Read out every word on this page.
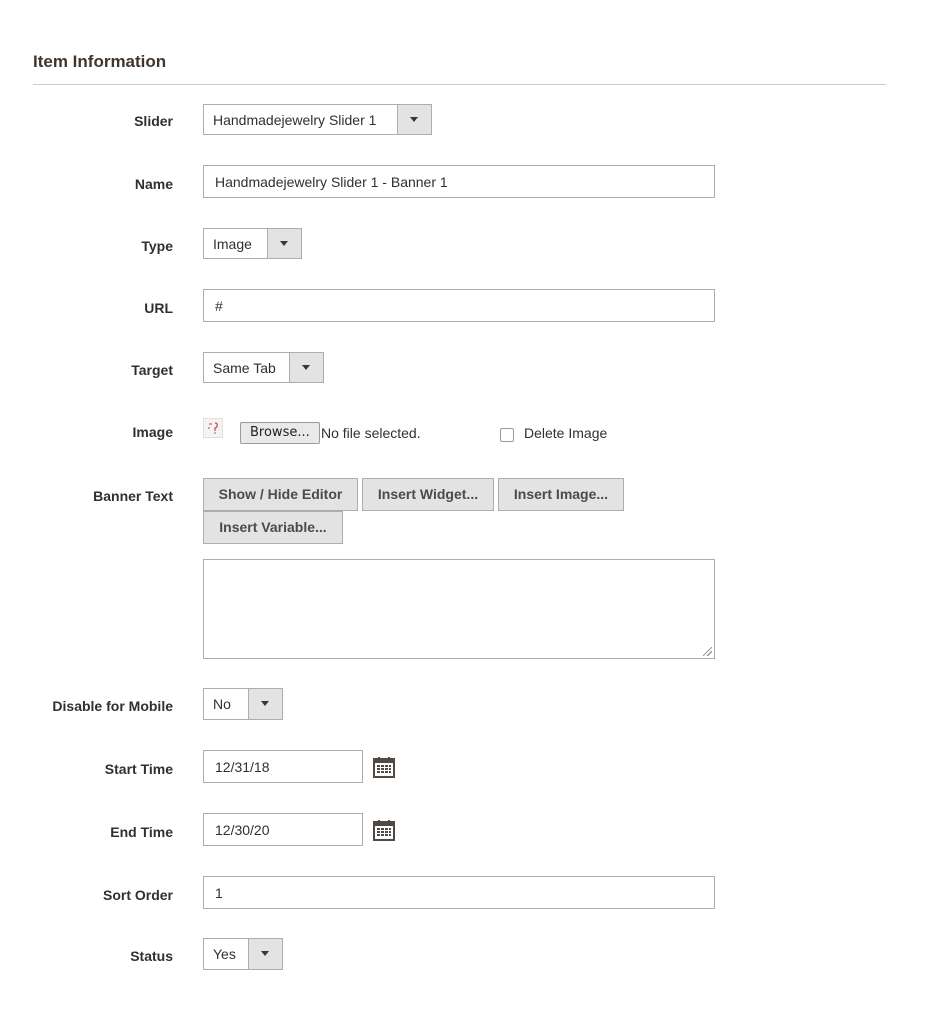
Item Information
Slider	Handmadejewelry Slider 1
Name	Handmadejewelry Slider 1 - Banner 1
Type	Image
URL	#
Target	Same Tab
Image	Browse... No file selected.	Delete Image
Banner Text	Show / Hide Editor	Insert Widget...	Insert Image...
Insert Variable...
Disable for Mobile	No
Start Time	12/31/18
End Time	12/30/20
Sort Order	1
Status	Yes
